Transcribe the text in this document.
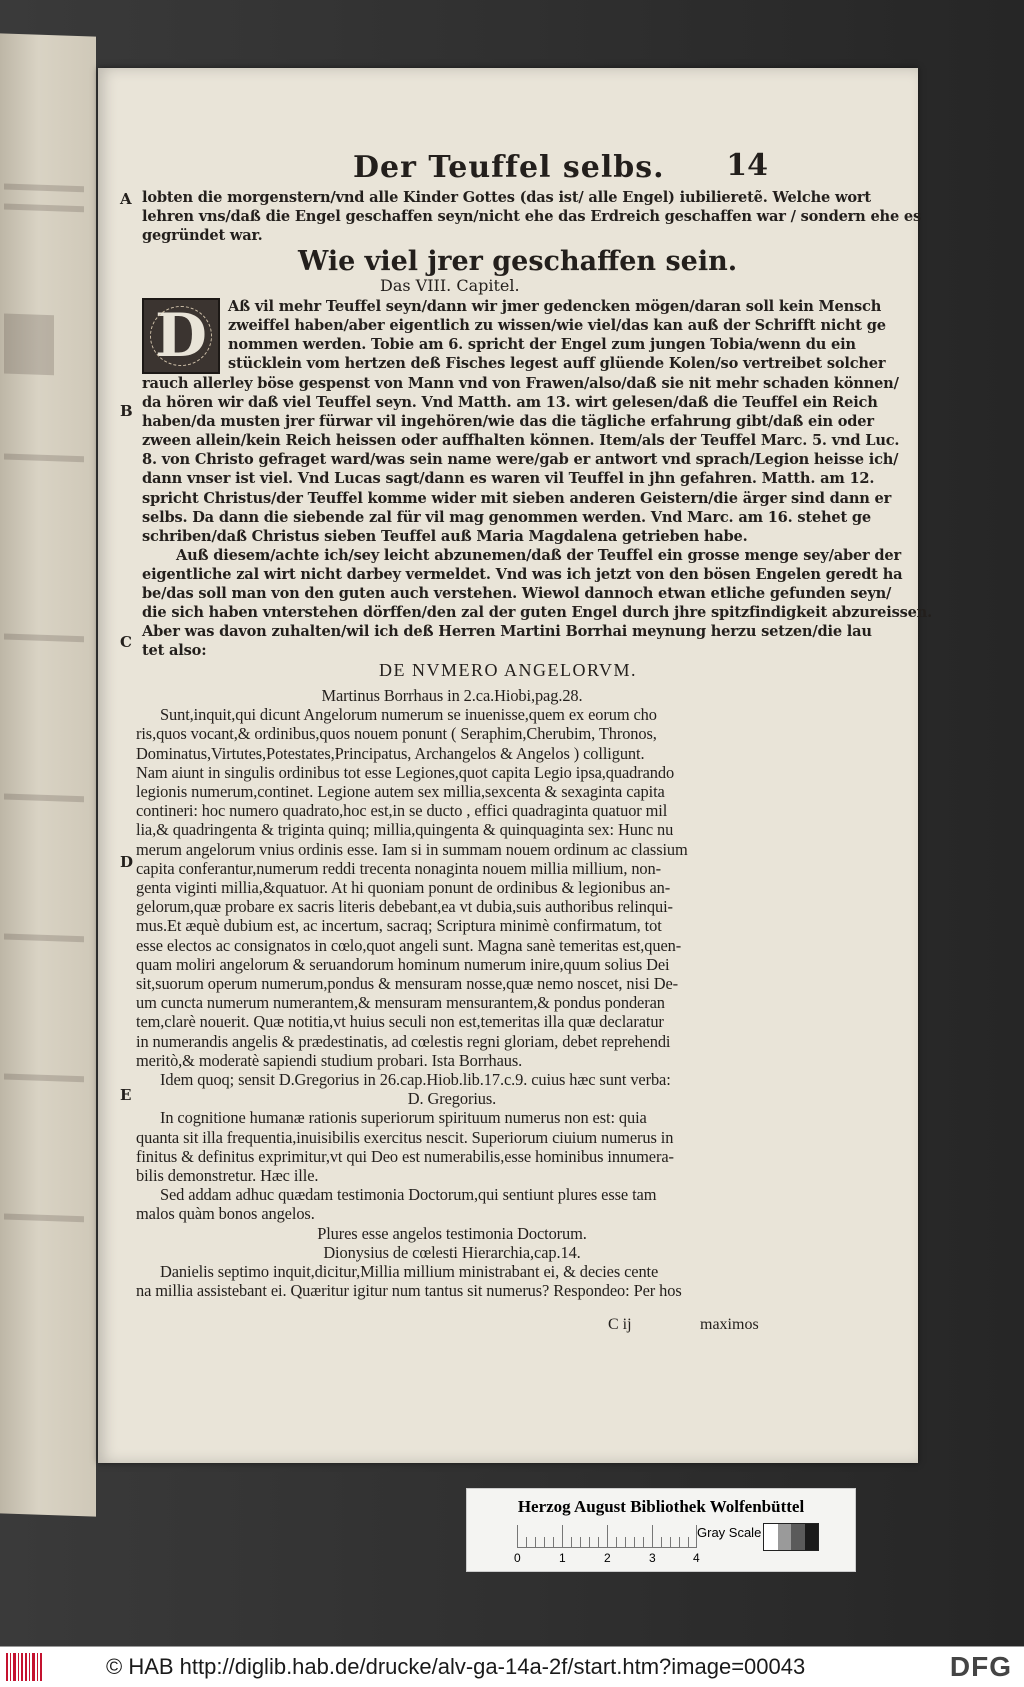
Der Teuffel selbs. 14
A
B
C
D
E
lobten die morgenstern/vnd alle Kinder Gottes (das ist/ alle Engel) iubilieretẽ. Welche wort
lehren vns/daß die Engel geschaffen seyn/nicht ehe das Erdreich geschaffen war / sondern ehe es
gegründet war.
Wie viel jrer geschaffen sein.
Das VIII. Capitel.
D	Aß vil mehr Teuffel seyn/dann wir jmer gedencken mögen/daran soll kein Mensch
zweiffel haben/aber eigentlich zu wissen/wie viel/das kan auß der Schrifft nicht ge
nommen werden. Tobie am 6. spricht der Engel zum jungen Tobia/wenn du ein
stücklein vom hertzen deß Fisches legest auff glüende Kolen/so vertreibet solcher
rauch allerley böse gespenst von Mann vnd von Frawen/also/daß sie nit mehr schaden können/
da hören wir daß viel Teuffel seyn. Vnd Matth. am 13. wirt gelesen/daß die Teuffel ein Reich
haben/da musten jrer fürwar vil ingehören/wie das die tägliche erfahrung gibt/daß ein oder
zween allein/kein Reich heissen oder auffhalten können. Item/als der Teuffel Marc. 5. vnd Luc.
8. von Christo gefraget ward/was sein name were/gab er antwort vnd sprach/Legion heisse ich/
dann vnser ist viel. Vnd Lucas sagt/dann es waren vil Teuffel in jhn gefahren. Matth. am 12.
spricht Christus/der Teuffel komme wider mit sieben anderen Geistern/die ärger sind dann er
selbs. Da dann die siebende zal für vil mag genommen werden. Vnd Marc. am 16. stehet ge
schriben/daß Christus sieben Teuffel auß Maria Magdalena getrieben habe.
Auß diesem/achte ich/sey leicht abzunemen/daß der Teuffel ein grosse menge sey/aber der
eigentliche zal wirt nicht darbey vermeldet. Vnd was ich jetzt von den bösen Engelen geredt ha
be/das soll man von den guten auch verstehen. Wiewol dannoch etwan etliche gefunden seyn/
die sich haben vnterstehen dörffen/den zal der guten Engel durch jhre spitzfindigkeit abzureissen.
Aber was davon zuhalten/wil ich deß Herren Martini Borrhai meynung herzu setzen/die lau
tet also:
DE NVMERO ANGELORVM.
Martinus Borrhaus in 2.ca.Hiobi,pag.28.
Sunt,inquit,qui dicunt Angelorum numerum se inuenisse,quem ex eorum cho
ris,quos vocant,& ordinibus,quos nouem ponunt ( Seraphim,Cherubim, Thronos,
Dominatus,Virtutes,Potestates,Principatus, Archangelos & Angelos ) colligunt.
Nam aiunt in singulis ordinibus tot esse Legiones,quot capita Legio ipsa,quadrando
legionis numerum,continet. Legione autem sex millia,sexcenta & sexaginta capita
contineri: hoc numero quadrato,hoc est,in se ducto , effici quadraginta quatuor mil
lia,& quadringenta & triginta quinq; millia,quingenta & quinquaginta sex: Hunc nu
merum angelorum vnius ordinis esse. Iam si in summam nouem ordinum ac classium
capita conferantur,numerum reddi trecenta nonaginta nouem millia millium, non-
genta viginti millia,&quatuor. At hi quoniam ponunt de ordinibus & legionibus an-
gelorum,quæ probare ex sacris literis debebant,ea vt dubia,suis authoribus relinqui-
mus.Et æquè dubium est, ac incertum, sacraq; Scriptura minimè confirmatum, tot
esse electos ac consignatos in cœlo,quot angeli sunt. Magna sanè temeritas est,quen-
quam moliri angelorum & seruandorum hominum numerum inire,quum solius Dei
sit,suorum operum numerum,pondus & mensuram nosse,quæ nemo noscet, nisi De-
um cuncta numerum numerantem,& mensuram mensurantem,& pondus ponderan
tem,clarè nouerit. Quæ notitia,vt huius seculi non est,temeritas illa quæ declaratur
in numerandis angelis & prædestinatis, ad cœlestis regni gloriam, debet reprehendi
meritò,& moderatè sapiendi studium probari. Ista Borrhaus.
Idem quoq; sensit D.Gregorius in 26.cap.Hiob.lib.17.c.9. cuius hæc sunt verba:
D. Gregorius.
In cognitione humanæ rationis superiorum spirituum numerus non est: quia
quanta sit illa frequentia,inuisibilis exercitus nescit. Superiorum ciuium numerus in
finitus & definitus exprimitur,vt qui Deo est numerabilis,esse hominibus innumera-
bilis demonstretur. Hæc ille.
Sed addam adhuc quædam testimonia Doctorum,qui sentiunt plures esse tam
malos quàm bonos angelos.
Plures esse angelos testimonia Doctorum.
Dionysius de cœlesti Hierarchia,cap.14.
Danielis septimo inquit,dicitur,Millia millium ministrabant ei, & decies cente
na millia assistebant ei. Quæritur igitur num tantus sit numerus? Respondeo: Per hos
C ij	maximos
Herzog August Bibliothek Wolfenbüttel
0	1	2	3	4
Gray Scale
© HAB http://diglib.hab.de/drucke/alv-ga-14a-2f/start.htm?image=00043	DFG
